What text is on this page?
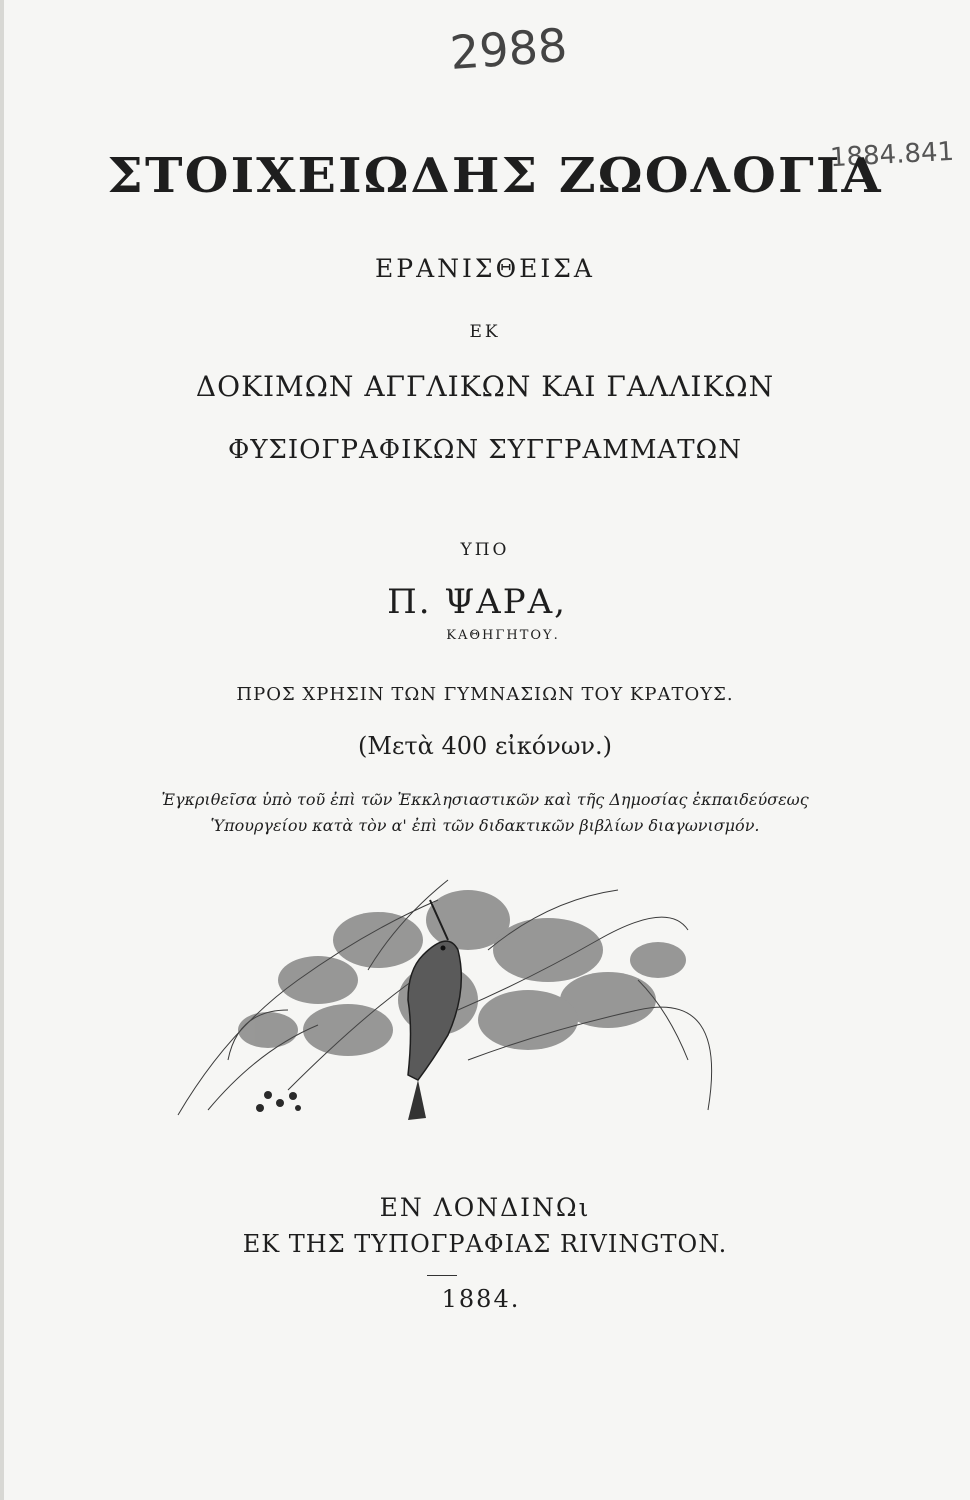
2988
1884.841
ΣΤΟΙΧΕΙΩΔΗΣ ΖΩΟΛΟΓΙΑ
ΕΡΑΝΙΣΘΕΙΣΑ
ΕΚ
ΔΟΚΙΜΩΝ ΑΓΓΛΙΚΩΝ ΚΑΙ ΓΑΛΛΙΚΩΝ
ΦΥΣΙΟΓΡΑΦΙΚΩΝ ΣΥΓΓΡΑΜΜΑΤΩΝ
ΥΠΟ
Π. ΨΑΡΑ,
ΚΑΘΗΓΗΤΟΥ.
ΠΡΟΣ ΧΡΗΣΙΝ ΤΩΝ ΓΥΜΝΑΣΙΩΝ ΤΟΥ ΚΡΑΤΟΥΣ.
(Μετὰ 400 εἰκόνων.)
Ἐγκριθεῖσα ὑπὸ τοῦ ἐπὶ τῶν Ἐκκλησιαστικῶν καὶ τῆς Δημοσίας ἐκπαιδεύσεως
Ὑπουργείου κατὰ τὸν α' ἐπὶ τῶν διδακτικῶν βιβλίων διαγωνισμόν.
ΕΝ ΛΟΝΔΙΝΩι
ΕΚ ΤΗΣ ΤΥΠΟΓΡΑΦΙΑΣ RIVINGTON.
1884.
